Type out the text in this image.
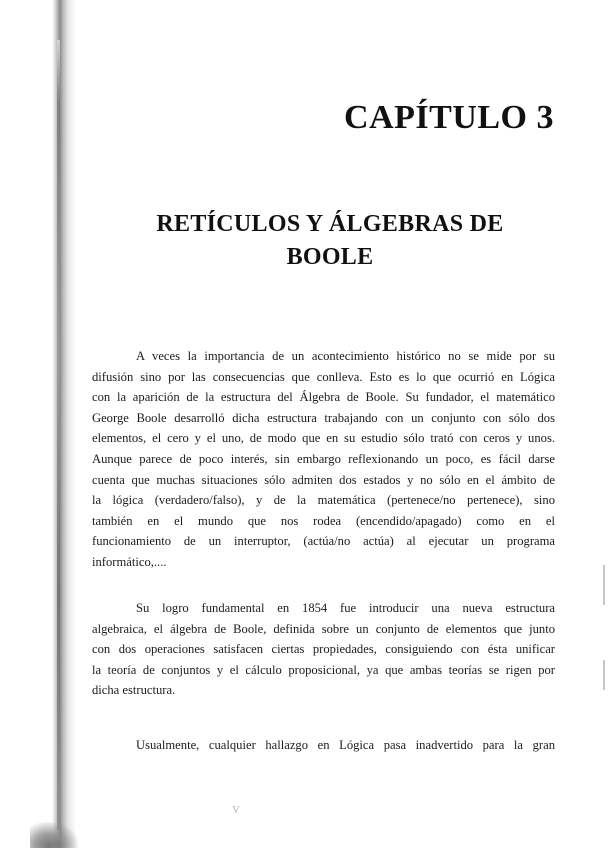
CAPÍTULO 3
RETÍCULOS Y ÁLGEBRAS DE
BOOLE

A veces la importancia de un acontecimiento histórico no se mide por su
difusión sino por las consecuencias que conlleva. Esto es lo que ocurrió en Lógica
con la aparición de la estructura del Álgebra de Boole. Su fundador, el matemático
George Boole desarrolló dicha estructura trabajando con un conjunto con sólo dos
elementos, el cero y el uno, de modo que en su estudio sólo trató con ceros y unos.
Aunque parece de poco interés, sin embargo reflexionando un poco, es fácil darse
cuenta que muchas situaciones sólo admiten dos estados y no sólo en el ámbito de
la lógica (verdadero/falso), y de la matemática (pertenece/no pertenece), sino
también en el mundo que nos rodea (encendido/apagado) como en el
funcionamiento de un interruptor, (actúa/no actúa) al ejecutar un programa
informático,....

Su logro fundamental en 1854 fue introducir una nueva estructura
algebraica, el álgebra de Boole, definida sobre un conjunto de elementos que junto
con dos operaciones satisfacen ciertas propiedades, consiguiendo con ésta unificar
la teoría de conjuntos y el cálculo proposicional, ya que ambas teorías se rigen por
dicha estructura.

Usualmente, cualquier hallazgo en Lógica pasa inadvertido para la gran

V
